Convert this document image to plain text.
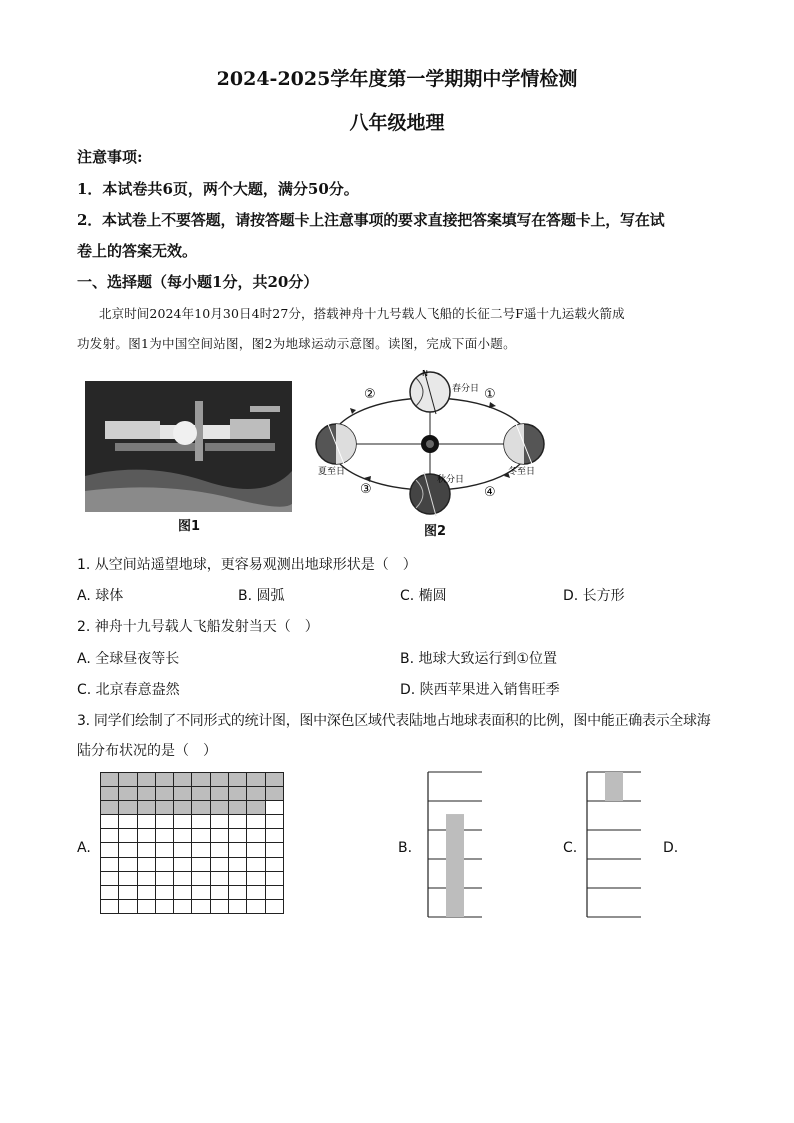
2024-2025学年度第一学期期中学情检测
八年级地理
注意事项:
1．本试卷共6页，两个大题，满分50分。
2．本试卷上不要答题，请按答题卡上注意事项的要求直接把答案填写在答题卡上，写在试
卷上的答案无效。
一、选择题（每小题1分，共20分）
北京时间2024年10月30日4时27分，搭载神舟十九号载人飞船的长征二号F遥十九运载火箭成
功发射。图1为中国空间站图，图2为地球运动示意图。读图，完成下面小题。
图1
②	①
③	④
春分日
夏至日	冬至日
秋分日
N
图2
1. 从空间站遥望地球，更容易观测出地球形状是（　）
A. 球体	B. 圆弧	C. 椭圆	D. 长方形
2. 神舟十九号载人飞船发射当天（　）
A. 全球昼夜等长	B. 地球大致运行到①位置
C. 北京春意盎然	D. 陕西苹果进入销售旺季
3. 同学们绘制了不同形式的统计图，图中深色区域代表陆地占地球表面积的比例，图中能正确表示全球海
陆分布状况的是（　）
A.	B.	C.	D.
